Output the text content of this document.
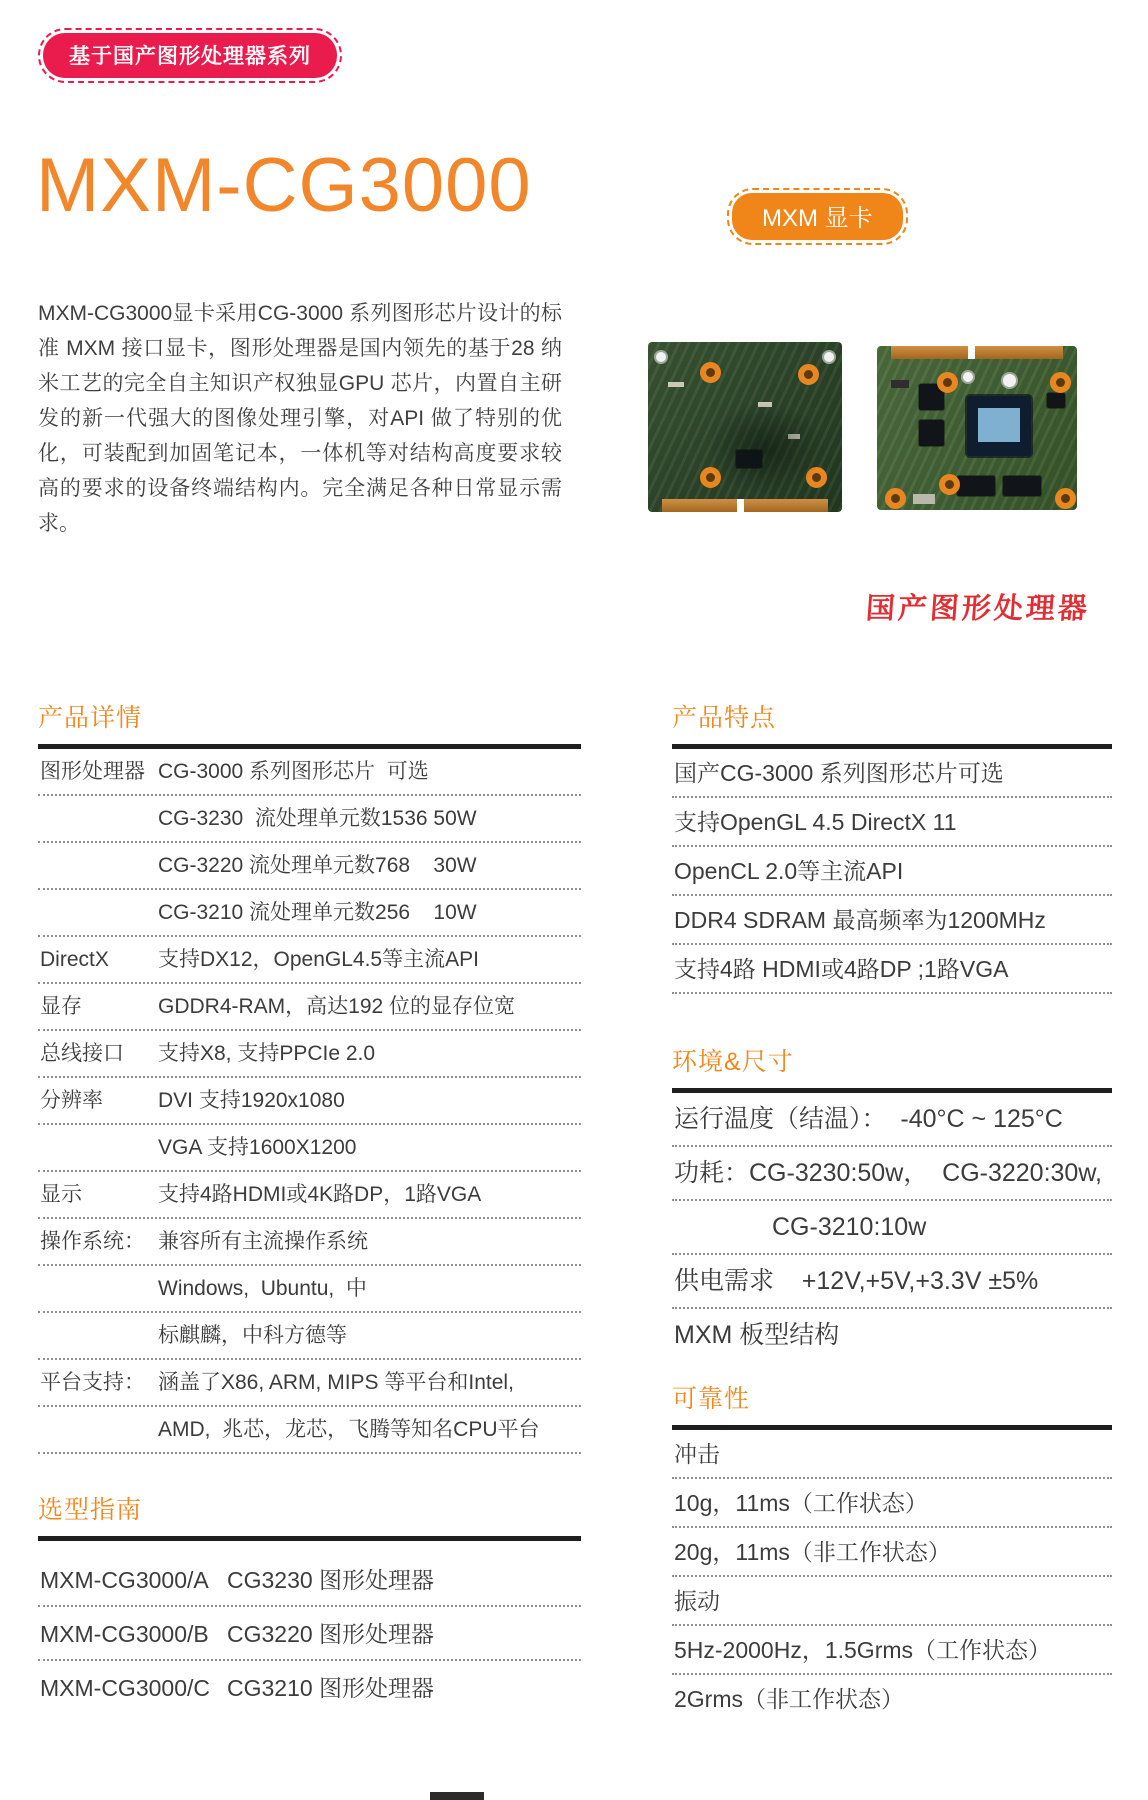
基于国产图形处理器系列
MXM-CG3000	MXM 显卡
MXM-CG3000显卡采用CG-3000 系列图形芯片设计的标准 MXM 接口显卡，图形处理器是国内领先的基于28 纳米工艺的完全自主知识产权独显GPU 芯片，内置自主研发的新一代强大的图像处理引擎，对API 做了特别的优化，可装配到加固笔记本，一体机等对结构高度要求较高的要求的设备终端结构内。完全满足各种日常显示需求。
国产图形处理器
产品详情
图形处理器 CG-3000 系列图形芯片  可选
CG-3230  流处理单元数1536 50W
CG-3220 流处理单元数768    30W
CG-3210 流处理单元数256    10W
DirectX	支持DX12，OpenGL4.5等主流API
显存	GDDR4-RAM，高达192 位的显存位宽
总线接口	支持X8, 支持PPCIe 2.0
分辨率	DVI 支持1920x1080
VGA 支持1600X1200
显示	支持4路HDMI或4K路DP，1路VGA
操作系统： 兼容所有主流操作系统
Windows,  Ubuntu,  中
标麒麟，中科方德等
平台支持： 涵盖了X86, ARM, MIPS 等平台和Intel,
AMD,  兆芯，龙芯，飞腾等知名CPU平台
选型指南
MXM-CG3000/A CG3230 图形处理器
MXM-CG3000/B CG3220 图形处理器
MXM-CG3000/C CG3210 图形处理器
产品特点
国产CG-3000 系列图形芯片可选
支持OpenGL 4.5 DirectX 11
OpenCL 2.0等主流API
DDR4 SDRAM 最高频率为1200MHz
支持4路 HDMI或4路DP ;1路VGA
环境&尺寸
运行温度（结温）：  -40°C ~ 125°C
功耗：CG-3230:50w，  CG-3220:30w,
CG-3210:10w
供电需求    +12V,+5V,+3.3V ±5%
MXM 板型结构
可靠性
冲击
10g，11ms（工作状态）
20g，11ms（非工作状态）
振动
5Hz-2000Hz，1.5Grms（工作状态）
2Grms（非工作状态）
